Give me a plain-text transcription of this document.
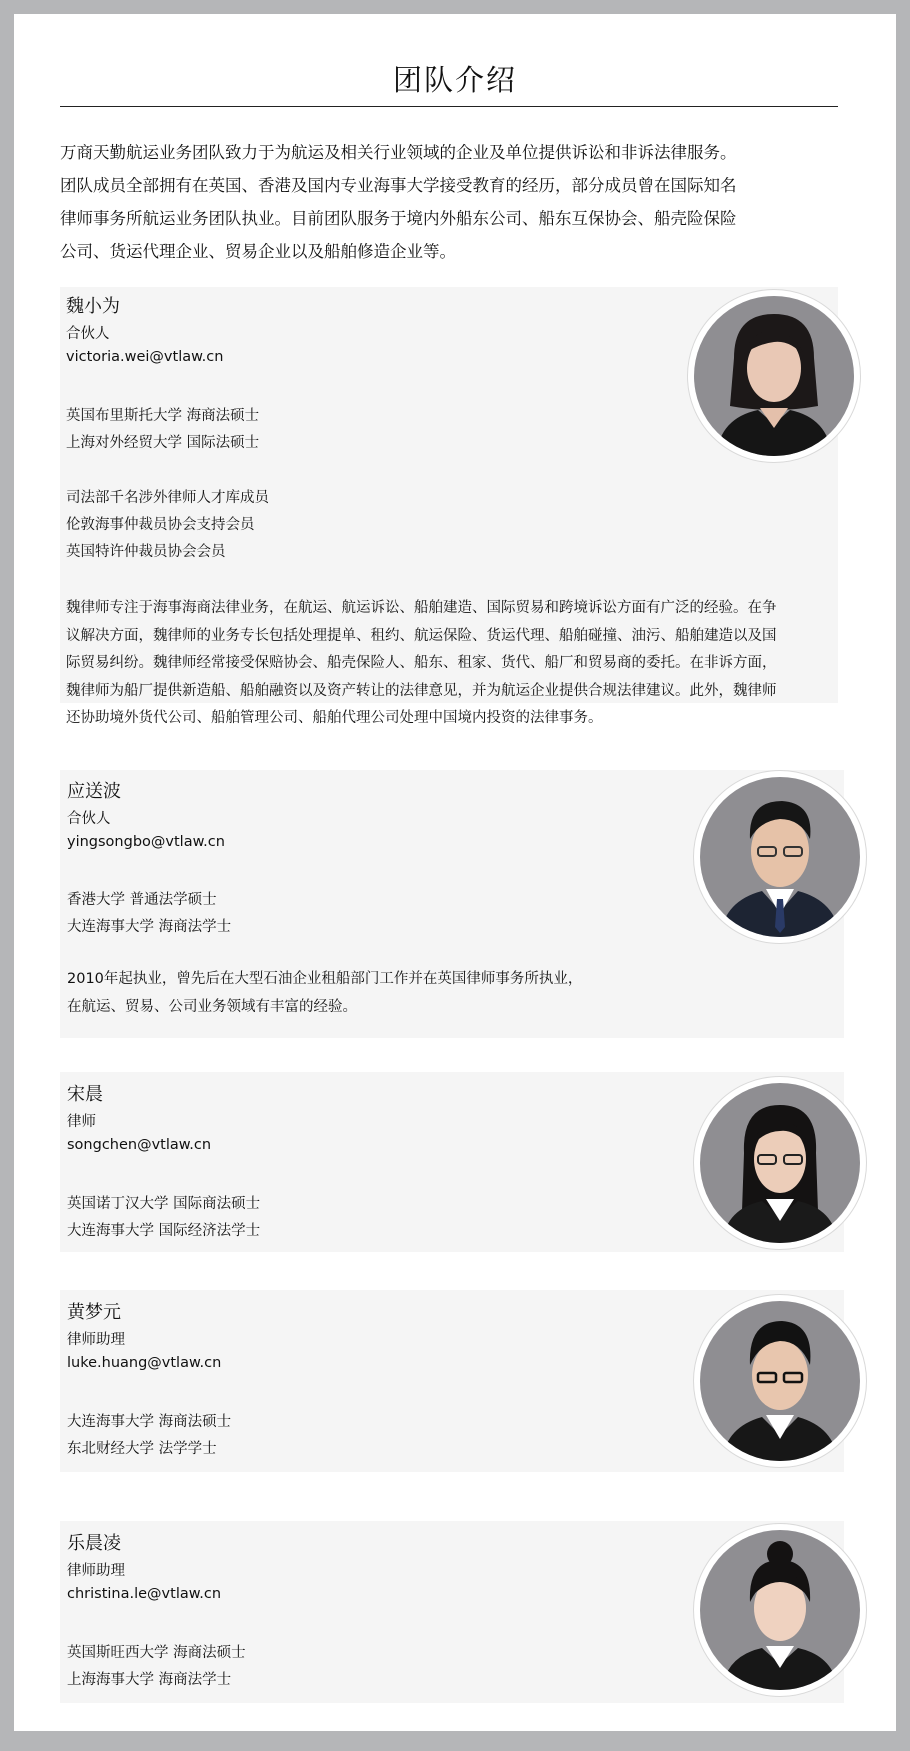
团队介绍

万商天勤航运业务团队致力于为航运及相关行业领域的企业及单位提供诉讼和非诉法律服务。

团队成员全部拥有在英国、香港及国内专业海事大学接受教育的经历，部分成员曾在国际知名

律师事务所航运业务团队执业。目前团队服务于境内外船东公司、船东互保协会、船壳险保险

公司、货运代理企业、贸易企业以及船舶修造企业等。

魏小为
合伙人
victoria.wei@vtlaw.cn
英国布里斯托大学 海商法硕士
上海对外经贸大学 国际法硕士
司法部千名涉外律师人才库成员
伦敦海事仲裁员协会支持会员
英国特许仲裁员协会会员
魏律师专注于海事海商法律业务，在航运、航运诉讼、船舶建造、国际贸易和跨境诉讼方面有广泛的经验。在争
议解决方面，魏律师的业务专长包括处理提单、租约、航运保险、货运代理、船舶碰撞、油污、船舶建造以及国
际贸易纠纷。魏律师经常接受保赔协会、船壳保险人、船东、租家、货代、船厂和贸易商的委托。在非诉方面，
魏律师为船厂提供新造船、船舶融资以及资产转让的法律意见，并为航运企业提供合规法律建议。此外，魏律师
还协助境外货代公司、船舶管理公司、船舶代理公司处理中国境内投资的法律事务。
应送波
合伙人
yingsongbo@vtlaw.cn
香港大学 普通法学硕士
大连海事大学 海商法学士
2010年起执业，曾先后在大型石油企业租船部门工作并在英国律师事务所执业，
在航运、贸易、公司业务领域有丰富的经验。
宋晨
律师
songchen@vtlaw.cn
英国诺丁汉大学 国际商法硕士
大连海事大学 国际经济法学士
黄梦元
律师助理
luke.huang@vtlaw.cn
大连海事大学 海商法硕士
东北财经大学 法学学士
乐晨凌
律师助理
christina.le@vtlaw.cn
英国斯旺西大学 海商法硕士
上海海事大学 海商法学士
